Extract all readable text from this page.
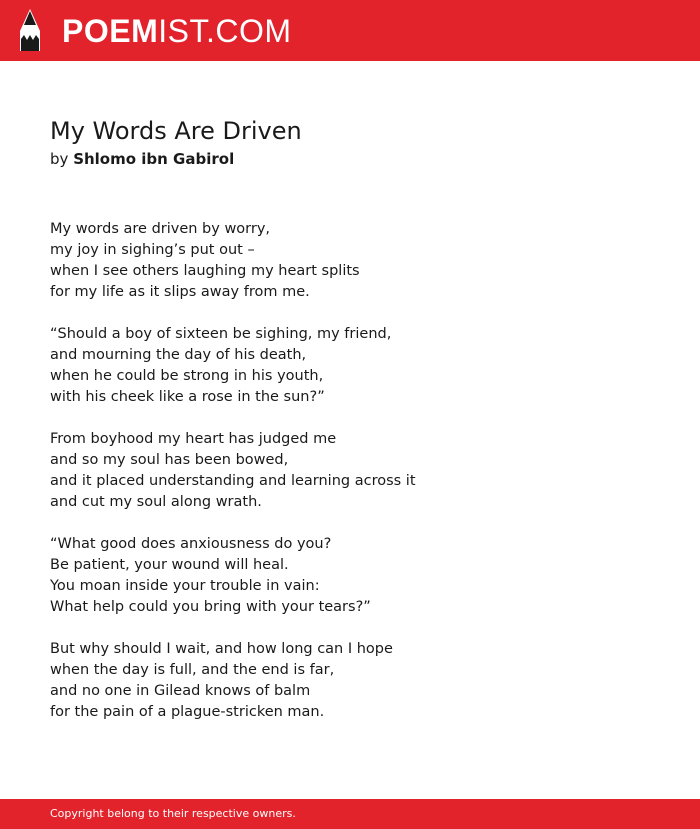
POEMIST.COM
My Words Are Driven
by Shlomo ibn Gabirol
My words are driven by worry,
my joy in sighing’s put out –
when I see others laughing my heart splits
for my life as it slips away from me.
“Should a boy of sixteen be sighing, my friend,
and mourning the day of his death,
when he could be strong in his youth,
with his cheek like a rose in the sun?”
From boyhood my heart has judged me
and so my soul has been bowed,
and it placed understanding and learning across it
and cut my soul along wrath.
“What good does anxiousness do you?
Be patient, your wound will heal.
You moan inside your trouble in vain:
What help could you bring with your tears?”
But why should I wait, and how long can I hope
when the day is full, and the end is far,
and no one in Gilead knows of balm
for the pain of a plague-stricken man.
Copyright belong to their respective owners.
